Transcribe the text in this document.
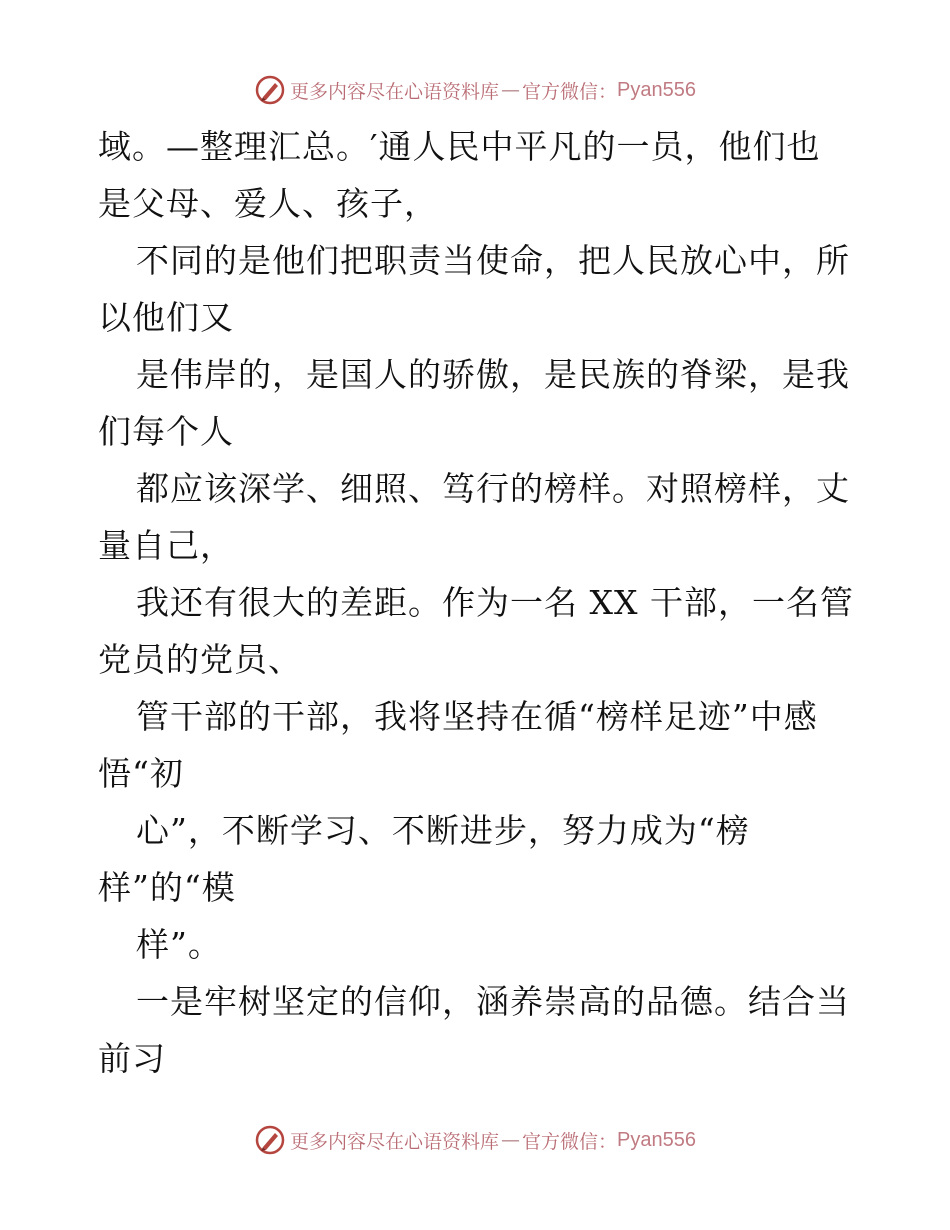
更多内容尽在心语资料库 — 官方微信： Pyan556
域。—整理汇总。′通人民中平凡的一员，他们也
是父母、爱人、孩子，
不同的是他们把职责当使命，把人民放心中，所
以他们又
是伟岸的，是国人的骄傲，是民族的脊梁，是我
们每个人
都应该深学、细照、笃行的榜样。对照榜样，丈
量自己，
我还有很大的差距。作为一名 XX 干部，一名管
党员的党员、
管干部的干部，我将坚持在循“榜样足迹”中感
悟“初
心”，不断学习、不断进步，努力成为“榜
样”的“模
样”。
一是牢树坚定的信仰，涵养崇高的品德。结合当
前习
更多内容尽在心语资料库 — 官方微信： Pyan556
